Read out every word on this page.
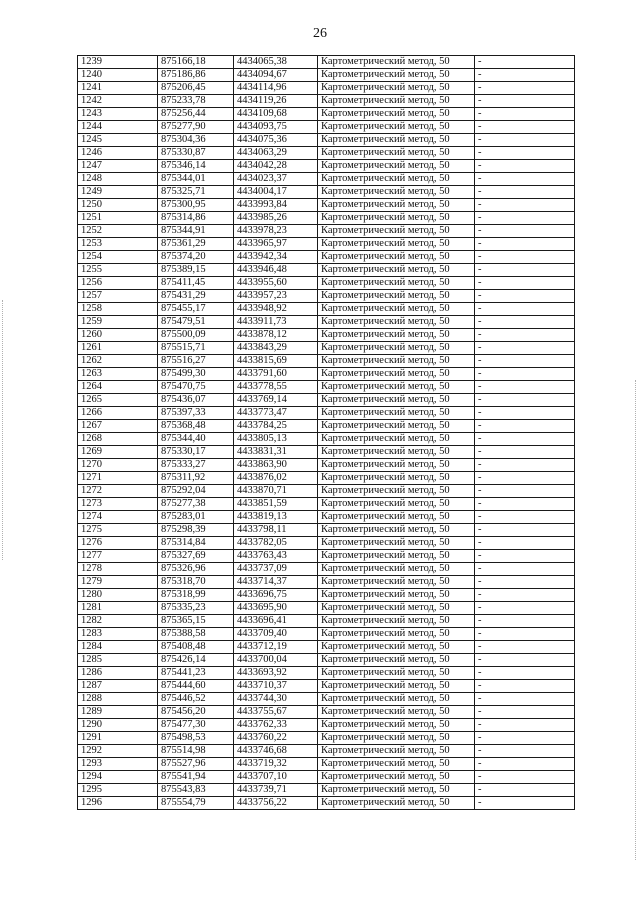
26
1239	875166,18	4434065,38	Картометрический метод, 50	-
1240	875186,86	4434094,67	Картометрический метод, 50	-
1241	875206,45	4434114,96	Картометрический метод, 50	-
1242	875233,78	4434119,26	Картометрический метод, 50	-
1243	875256,44	4434109,68	Картометрический метод, 50	-
1244	875277,90	4434093,75	Картометрический метод, 50	-
1245	875304,36	4434075,36	Картометрический метод, 50	-
1246	875330,87	4434063,29	Картометрический метод, 50	-
1247	875346,14	4434042,28	Картометрический метод, 50	-
1248	875344,01	4434023,37	Картометрический метод, 50	-
1249	875325,71	4434004,17	Картометрический метод, 50	-
1250	875300,95	4433993,84	Картометрический метод, 50	-
1251	875314,86	4433985,26	Картометрический метод, 50	-
1252	875344,91	4433978,23	Картометрический метод, 50	-
1253	875361,29	4433965,97	Картометрический метод, 50	-
1254	875374,20	4433942,34	Картометрический метод, 50	-
1255	875389,15	4433946,48	Картометрический метод, 50	-
1256	875411,45	4433955,60	Картометрический метод, 50	-
1257	875431,29	4433957,23	Картометрический метод, 50	-
1258	875455,17	4433948,92	Картометрический метод, 50	-
1259	875479,51	4433911,73	Картометрический метод, 50	-
1260	875500,09	4433878,12	Картометрический метод, 50	-
1261	875515,71	4433843,29	Картометрический метод, 50	-
1262	875516,27	4433815,69	Картометрический метод, 50	-
1263	875499,30	4433791,60	Картометрический метод, 50	-
1264	875470,75	4433778,55	Картометрический метод, 50	-
1265	875436,07	4433769,14	Картометрический метод, 50	-
1266	875397,33	4433773,47	Картометрический метод, 50	-
1267	875368,48	4433784,25	Картометрический метод, 50	-
1268	875344,40	4433805,13	Картометрический метод, 50	-
1269	875330,17	4433831,31	Картометрический метод, 50	-
1270	875333,27	4433863,90	Картометрический метод, 50	-
1271	875311,92	4433876,02	Картометрический метод, 50	-
1272	875292,04	4433870,71	Картометрический метод, 50	-
1273	875277,38	4433851,59	Картометрический метод, 50	-
1274	875283,01	4433819,13	Картометрический метод, 50	-
1275	875298,39	4433798,11	Картометрический метод, 50	-
1276	875314,84	4433782,05	Картометрический метод, 50	-
1277	875327,69	4433763,43	Картометрический метод, 50	-
1278	875326,96	4433737,09	Картометрический метод, 50	-
1279	875318,70	4433714,37	Картометрический метод, 50	-
1280	875318,99	4433696,75	Картометрический метод, 50	-
1281	875335,23	4433695,90	Картометрический метод, 50	-
1282	875365,15	4433696,41	Картометрический метод, 50	-
1283	875388,58	4433709,40	Картометрический метод, 50	-
1284	875408,48	4433712,19	Картометрический метод, 50	-
1285	875426,14	4433700,04	Картометрический метод, 50	-
1286	875441,23	4433693,92	Картометрический метод, 50	-
1287	875444,60	4433710,37	Картометрический метод, 50	-
1288	875446,52	4433744,30	Картометрический метод, 50	-
1289	875456,20	4433755,67	Картометрический метод, 50	-
1290	875477,30	4433762,33	Картометрический метод, 50	-
1291	875498,53	4433760,22	Картометрический метод, 50	-
1292	875514,98	4433746,68	Картометрический метод, 50	-
1293	875527,96	4433719,32	Картометрический метод, 50	-
1294	875541,94	4433707,10	Картометрический метод, 50	-
1295	875543,83	4433739,71	Картометрический метод, 50	-
1296	875554,79	4433756,22	Картометрический метод, 50	-
